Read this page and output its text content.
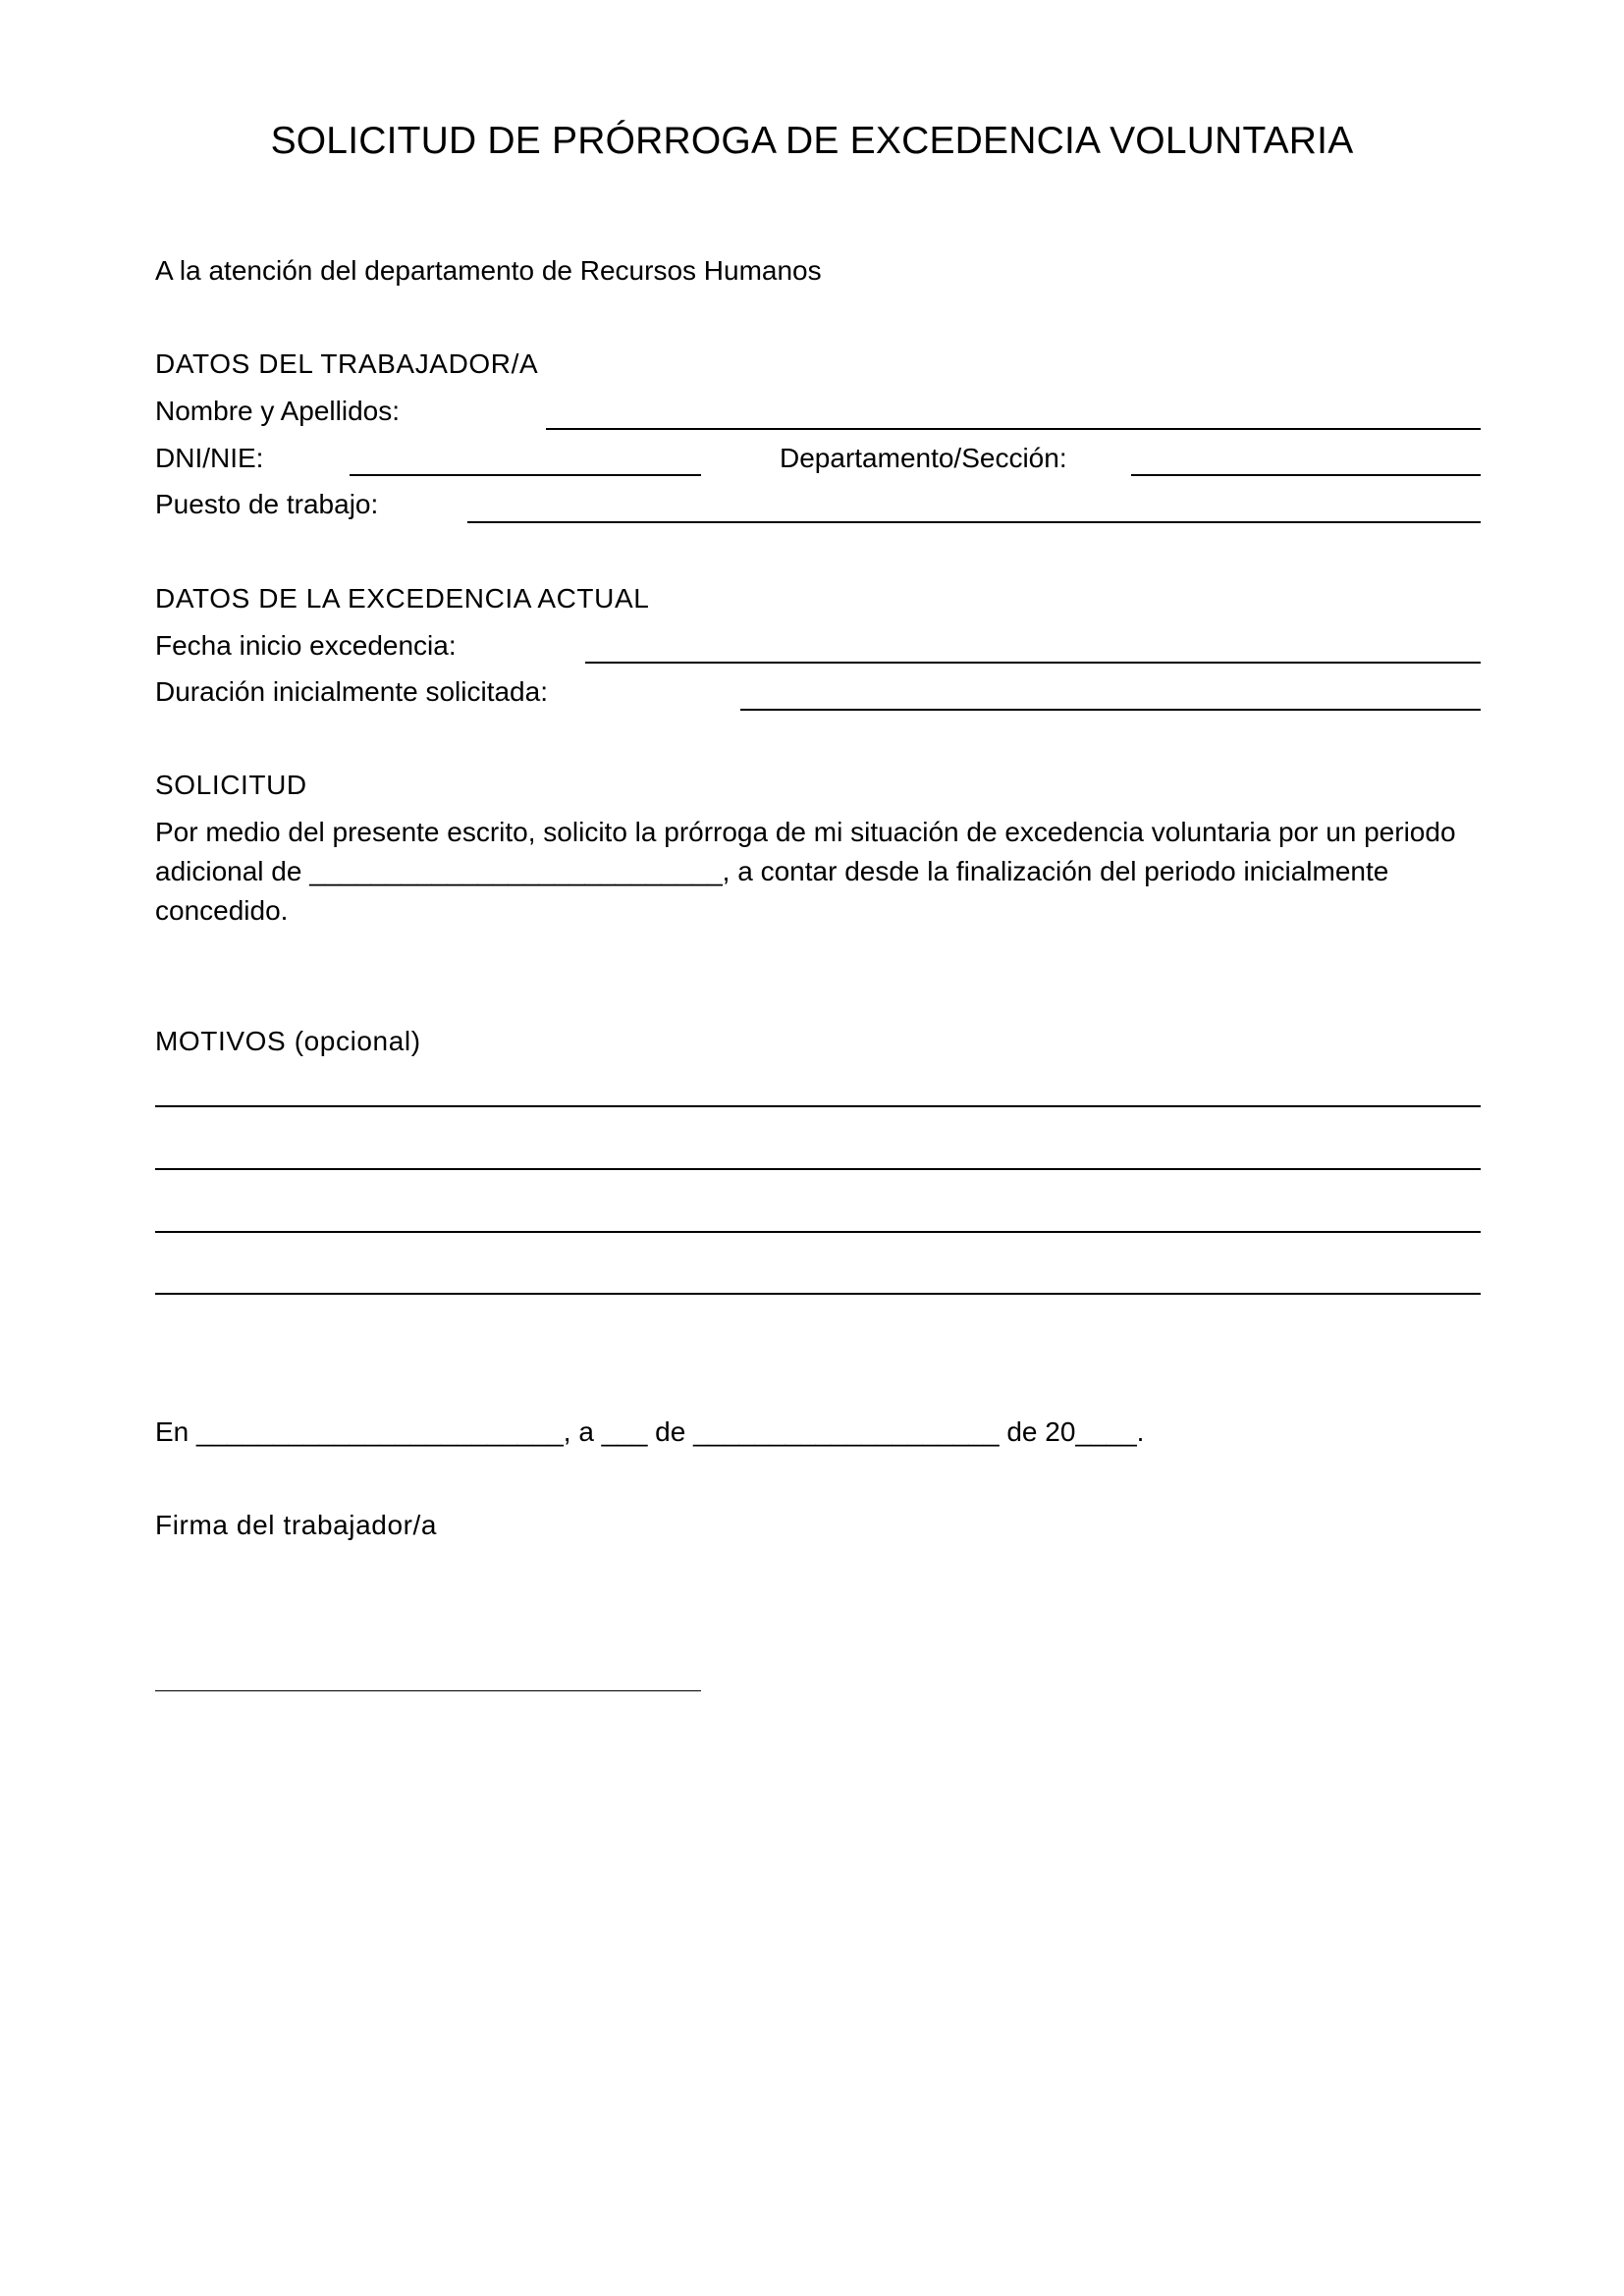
SOLICITUD DE PRÓRROGA DE EXCEDENCIA VOLUNTARIA
A la atención del departamento de Recursos Humanos
DATOS DEL TRABAJADOR/A
Nombre y Apellidos:
DNI/NIE:	Departamento/Sección:
Puesto de trabajo:
DATOS DE LA EXCEDENCIA ACTUAL
Fecha inicio excedencia:
Duración inicialmente solicitada:
SOLICITUD
Por medio del presente escrito, solicito la prórroga de mi situación de excedencia voluntaria por un periodo adicional de ___________________________, a contar desde la finalización del periodo inicialmente concedido.
MOTIVOS (opcional)
En ________________________, a ___ de ____________________ de 20____.
Firma del trabajador/a
